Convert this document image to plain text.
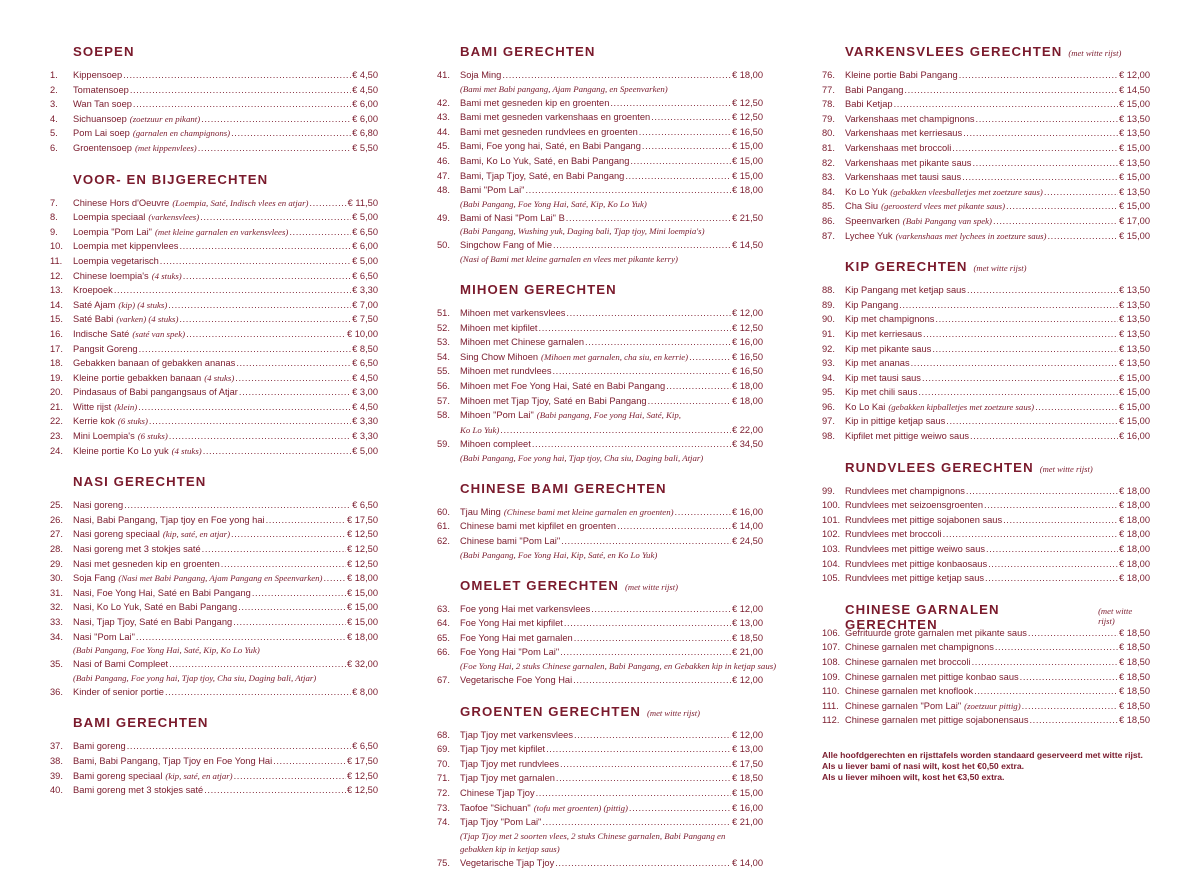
SOEPEN
1.	Kippensoep .....	€ 4,50
2.	Tomatensoep .....	€ 4,50
3.	Wan Tan soep .....	€ 6,00
4.	Sichuansoep (zoetzuur en pikant) .....	€ 6,00
5.	Pom Lai soep (garnalen en champignons) .....	€ 6,80
6.	Groentensoep (met kippenvlees) .....	€ 5,50
VOOR- EN BIJGERECHTEN
7.	Chinese Hors d'Oeuvre (Loempia, Saté, Indisch vlees en atjar) .....	€ 11,50
8.	Loempia speciaal (varkensvlees) .....	€ 5,00
9.	Loempia "Pom Lai" (met kleine garnalen en varkensvlees) .....	€ 6,50
10.	Loempia met kippenvlees .....	€ 6,00
11.	Loempia vegetarisch .....	€ 5,00
12.	Chinese loempia's (4 stuks) .....	€ 6,50
13.	Kroepoek .....	€ 3,30
14.	Saté Ajam (kip) (4 stuks) .....	€ 7,00
15.	Saté Babi (varken) (4 stuks) .....	€ 7,50
16.	Indische Saté (saté van spek) .....	€ 10,00
17.	Pangsit Goreng .....	€ 8,50
18.	Gebakken banaan of gebakken ananas .....	€ 6,50
19.	Kleine portie gebakken banaan (4 stuks) .....	€ 4,50
20.	Pindasaus of Babi pangangsaus of Atjar .....	€ 3,00
21.	Witte rijst (klein) .....	€ 4,50
22.	Kerrie kok (6 stuks) .....	€ 3,30
23.	Mini Loempia's (6 stuks) .....	€ 3,30
24.	Kleine portie Ko Lo yuk (4 stuks) .....	€ 5,00
NASI GERECHTEN
25.	Nasi goreng .....	€ 6,50
26.	Nasi, Babi Pangang, Tjap tjoy en Foe yong hai .....	€ 17,50
27.	Nasi goreng speciaal (kip, saté, en atjar) .....	€ 12,50
28.	Nasi goreng met 3 stokjes saté .....	€ 12,50
29.	Nasi met gesneden kip en groenten .....	€ 12,50
30.	Soja Fang (Nasi met Babi Pangang, Ajam Pangang en Speenvarken) .....	€ 18,00
31.	Nasi, Foe Yong Hai, Saté en Babi Pangang .....	€ 15,00
32.	Nasi, Ko Lo Yuk, Saté en Babi Pangang .....	€ 15,00
33.	Nasi, Tjap Tjoy, Saté en Babi Pangang .....	€ 15,00
34.	Nasi "Pom Lai" .....	€ 18,00
(Babi Pangang, Foe Yong Hai, Saté, Kip, Ko Lo Yuk)
35.	Nasi of Bami Compleet .....	€ 32,00
(Babi Pangang, Foe yong hai, Tjap tjoy, Cha siu, Daging bali, Atjar)
36.	Kinder of senior portie .....	€ 8,00
BAMI GERECHTEN
37.	Bami goreng .....	€ 6,50
38.	Bami, Babi Pangang, Tjap Tjoy en Foe Yong Hai .....	€ 17,50
39.	Bami goreng speciaal (kip, saté, en atjar) .....	€ 12,50
40.	Bami goreng met 3 stokjes saté .....	€ 12,50
BAMI GERECHTEN
41.	Soja Ming .....	€ 18,00
(Bami met Babi pangang, Ajam Pangang, en Speenvarken)
42.	Bami met gesneden kip en groenten .....	€ 12,50
43.	Bami met gesneden varkenshaas en groenten .....	€ 12,50
44.	Bami met gesneden rundvlees en groenten .....	€ 16,50
45.	Bami, Foe yong hai, Saté, en Babi Pangang .....	€ 15,00
46.	Bami, Ko Lo Yuk, Saté, en Babi Pangang .....	€ 15,00
47.	Bami, Tjap Tjoy, Saté, en Babi Pangang .....	€ 15,00
48.	Bami "Pom Lai" .....	€ 18,00
(Babi Pangang, Foe Yong Hai, Saté, Kip, Ko Lo Yuk)
49.	Bami of Nasi "Pom Lai" B .....	€ 21,50
(Babi Pangang, Wushing yuk, Daging bali, Tjap tjoy, Mini loempia's)
50.	Singchow Fang of Mie .....	€ 14,50
(Nasi of Bami met kleine garnalen en vlees met pikante kerry)
MIHOEN GERECHTEN
51.	Mihoen met varkensvlees .....	€ 12,00
52.	Mihoen met kipfilet .....	€ 12,50
53.	Mihoen met Chinese garnalen .....	€ 16,00
54.	Sing Chow Mihoen (Mihoen met garnalen, cha siu, en kerrie) .....	€ 16,50
55.	Mihoen met rundvlees .....	€ 16,50
56.	Mihoen met Foe Yong Hai, Saté en Babi Pangang .....	€ 18,00
57.	Mihoen met Tjap Tjoy, Saté en Babi Pangang .....	€ 18,00
58.	Mihoen "Pom Lai" (Babi pangang, Foe yong Hai, Saté, Kip,
Ko Lo Yuk) .....	€ 22,00
59.	Mihoen compleet .....	€ 34,50
(Babi Pangang, Foe yong hai, Tjap tjoy, Cha siu, Daging bali, Atjar)
CHINESE BAMI GERECHTEN
60.	Tjau Ming (Chinese bami met kleine garnalen en groenten) .....	€ 16,00
61.	Chinese bami met kipfilet en groenten .....	€ 14,00
62.	Chinese bami "Pom Lai" .....	€ 24,50
(Babi Pangang, Foe Yong Hai, Kip, Saté, en Ko Lo Yuk)
OMELET GERECHTEN (met witte rijst)
63.	Foe yong Hai met varkensvlees .....	€ 12,00
64.	Foe Yong Hai met kipfilet .....	€ 13,00
65.	Foe Yong Hai met garnalen .....	€ 18,50
66.	Foe Yong Hai "Pom Lai" .....	€ 21,00
(Foe Yong Hai, 2 stuks Chinese garnalen, Babi Pangang, en Gebakken kip in ketjap saus)
67.	Vegetarische Foe Yong Hai .....	€ 12,00
GROENTEN GERECHTEN (met witte rijst)
68.	Tjap Tjoy met varkensvlees .....	€ 12,00
69.	Tjap Tjoy met kipfilet .....	€ 13,00
70.	Tjap Tjoy met rundvlees .....	€ 17,50
71.	Tjap Tjoy met garnalen .....	€ 18,50
72.	Chinese Tjap Tjoy .....	€ 15,00
73.	Taofoe "Sichuan" (tofu met groenten) (pittig) .....	€ 16,00
74.	Tjap Tjoy "Pom Lai" .....	€ 21,00
(Tjap Tjoy met 2 soorten vlees, 2 stuks Chinese garnalen, Babi Pangang en
gebakken kip in ketjap saus)
75.	Vegetarische Tjap Tjoy .....	€ 14,00
VARKENSVLEES GERECHTEN (met witte rijst)
76.	Kleine portie Babi Pangang .....	€ 12,00
77.	Babi Pangang .....	€ 14,50
78.	Babi Ketjap .....	€ 15,00
79.	Varkenshaas met champignons .....	€ 13,50
80.	Varkenshaas met kerriesaus .....	€ 13,50
81.	Varkenshaas met broccoli .....	€ 15,00
82.	Varkenshaas met pikante saus .....	€ 13,50
83.	Varkenshaas met tausi saus .....	€ 15,00
84.	Ko Lo Yuk (gebakken vleesballetjes met zoetzure saus) .....	€ 13,50
85.	Cha Siu (geroosterd vlees met pikante saus) .....	€ 15,00
86.	Speenvarken (Babi Pangang van spek) .....	€ 17,00
87.	Lychee Yuk (varkenshaas met lychees in zoetzure saus) .....	€ 15,00
KIP GERECHTEN (met witte rijst)
88.	Kip Pangang met ketjap saus .....	€ 13,50
89.	Kip Pangang .....	€ 13,50
90.	Kip met champignons .....	€ 13,50
91.	Kip met kerriesaus .....	€ 13,50
92.	Kip met pikante saus .....	€ 13,50
93.	Kip met ananas .....	€ 13,50
94.	Kip met tausi saus .....	€ 15,00
95.	Kip met chili saus .....	€ 15,00
96.	Ko Lo Kai (gebakken kipballetjes met zoetzure saus) .....	€ 15,00
97.	Kip in pittige ketjap saus .....	€ 15,00
98.	Kipfilet met pittige weiwo saus .....	€ 16,00
RUNDVLEES GERECHTEN (met witte rijst)
99.	Rundvlees met champignons .....	€ 18,00
100. Rundvlees met seizoensgroenten .....	€ 18,00
101. Rundvlees met pittige sojabonen saus .....	€ 18,00
102. Rundvlees met broccoli .....	€ 18,00
103. Rundvlees met pittige weiwo saus .....	€ 18,00
104. Rundvlees met pittige konbaosaus .....	€ 18,00
105. Rundvlees met pittige ketjap saus .....	€ 18,00
CHINESE GARNALEN GERECHTEN
(met witte rijst)
106. Gefrituurde grote garnalen met pikante saus .....	€ 18,50
107. Chinese garnalen met champignons .....	€ 18,50
108. Chinese garnalen met broccoli .....	€ 18,50
109. Chinese garnalen met pittige konbao saus .....	€ 18,50
110. Chinese garnalen met knoflook .....	€ 18,50
111. Chinese garnalen "Pom Lai" (zoetzuur pittig) .....	€ 18,50
112. Chinese garnalen met pittige sojabonensaus .....	€ 18,50
Alle hoofdgerechten en rijsttafels worden standaard geserveerd met witte rijst.
Als u liever bami of nasi wilt, kost het €0,50 extra.
Als u liever mihoen wilt, kost het €3,50 extra.
